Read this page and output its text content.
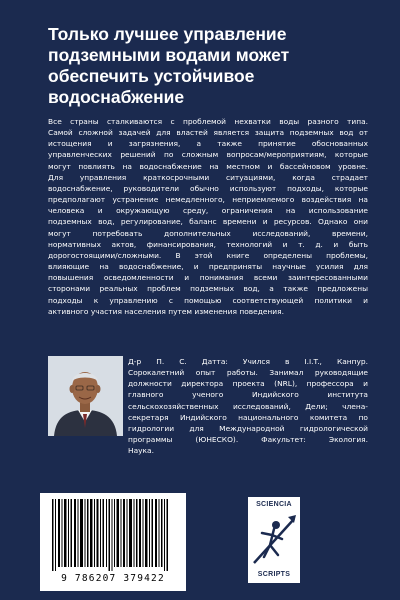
Только лучшее управление
подземными водами может
обеспечить устойчивое
водоснабжение
Все страны сталкиваются с проблемой нехватки воды разного типа.
Самой сложной задачей для властей является защита подземных вод от
истощения и загрязнения, а также принятие обоснованных
управленческих решений по сложным вопросам/мероприятиям, которые
могут повлиять на водоснабжение на местном и бассейновом уровне.
Для управления краткосрочными ситуациями, когда страдает
водоснабжение, руководители обычно используют подходы, которые
предполагают устранение немедленного, неприемлемого воздействия на
человека и окружающую среду, ограничения на использование
подземных вод, регулирование, баланс времени и ресурсов. Однако они
могут потребовать дополнительных исследований, времени,
нормативных актов, финансирования, технологий и т. д. и быть
дорогостоящими/сложными. В этой книге определены проблемы,
влияющие на водоснабжение, и предприняты научные усилия для
повышения осведомленности и понимания всеми заинтересованными
сторонами реальных проблем подземных вод, а также предложены
подходы к управлению с помощью соответствующей политики и
активного участия населения путем изменения поведения.
Д-р П. С. Датта: Учился в I.I.T., Канпур.
Сорокалетний опыт работы. Занимал руководящие
должности директора проекта (NRL), профессора и
главного ученого Индийского института
сельскохозяйственных исследований, Дели; члена-
секретаря Индийского национального комитета по
гидрологии для Международной гидрологической
программы (ЮНЕСКО). Факультет: Экология.
Наука.
9 786207 379422
SCIENCIA
SCRIPTS
